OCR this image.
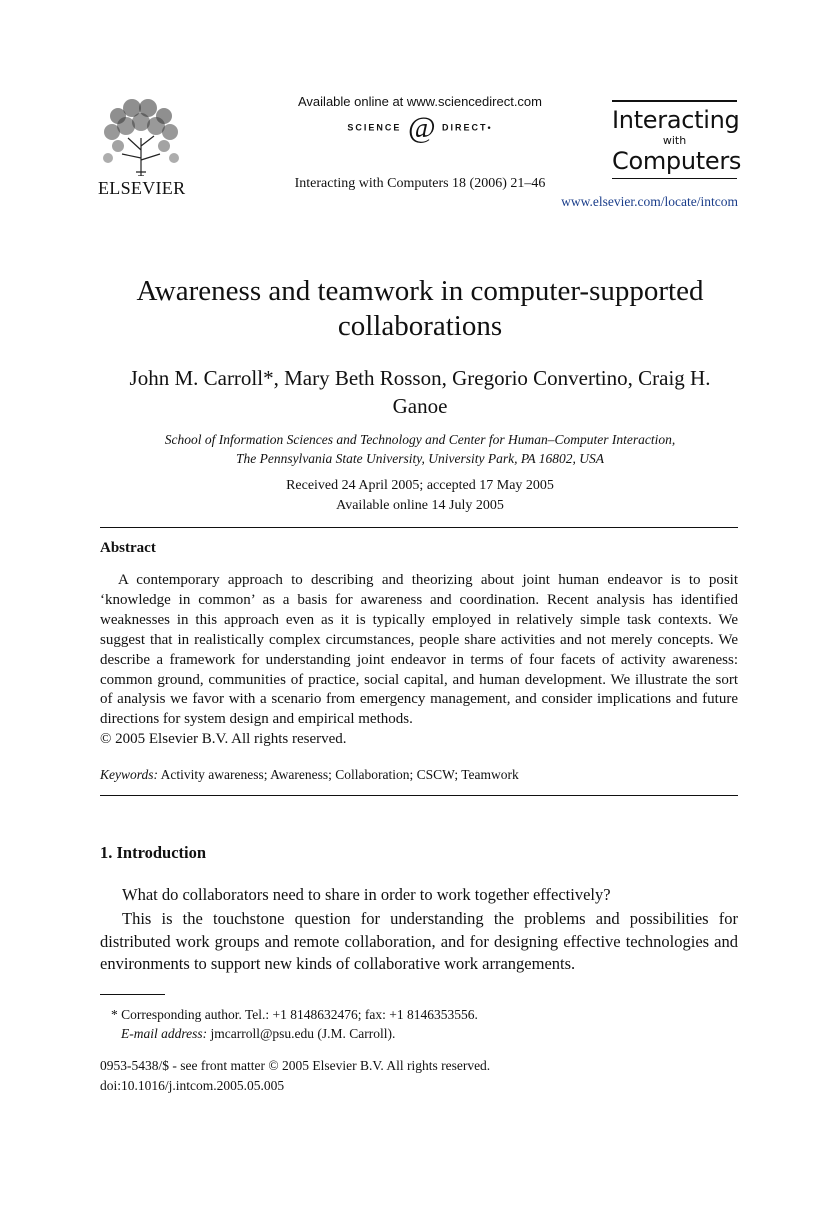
ELSEVIER
Available online at www.sciencedirect.com
SCIENCE @ DIRECT•
Interacting with Computers 18 (2006) 21–46
Interacting
with
Computers
www.elsevier.com/locate/intcom
Awareness and teamwork in computer-supported collaborations
John M. Carroll*, Mary Beth Rosson, Gregorio Convertino, Craig H. Ganoe
School of Information Sciences and Technology and Center for Human–Computer Interaction,
The Pennsylvania State University, University Park, PA 16802, USA
Received 24 April 2005; accepted 17 May 2005
Available online 14 July 2005
Abstract
A contemporary approach to describing and theorizing about joint human endeavor is to posit ‘knowledge in common’ as a basis for awareness and coordination. Recent analysis has identified weaknesses in this approach even as it is typically employed in relatively simple task contexts. We suggest that in realistically complex circumstances, people share activities and not merely concepts. We describe a framework for understanding joint endeavor in terms of four facets of activity awareness: common ground, communities of practice, social capital, and human development. We illustrate the sort of analysis we favor with a scenario from emergency management, and consider implications and future directions for system design and empirical methods.
© 2005 Elsevier B.V. All rights reserved.
Keywords: Activity awareness; Awareness; Collaboration; CSCW; Teamwork
1. Introduction
What do collaborators need to share in order to work together effectively?
This is the touchstone question for understanding the problems and possibilities for distributed work groups and remote collaboration, and for designing effective technologies and environments to support new kinds of collaborative work arrangements.
* Corresponding author. Tel.: +1 8148632476; fax: +1 8146353556.
E-mail address: jmcarroll@psu.edu (J.M. Carroll).
0953-5438/$ - see front matter © 2005 Elsevier B.V. All rights reserved.
doi:10.1016/j.intcom.2005.05.005
